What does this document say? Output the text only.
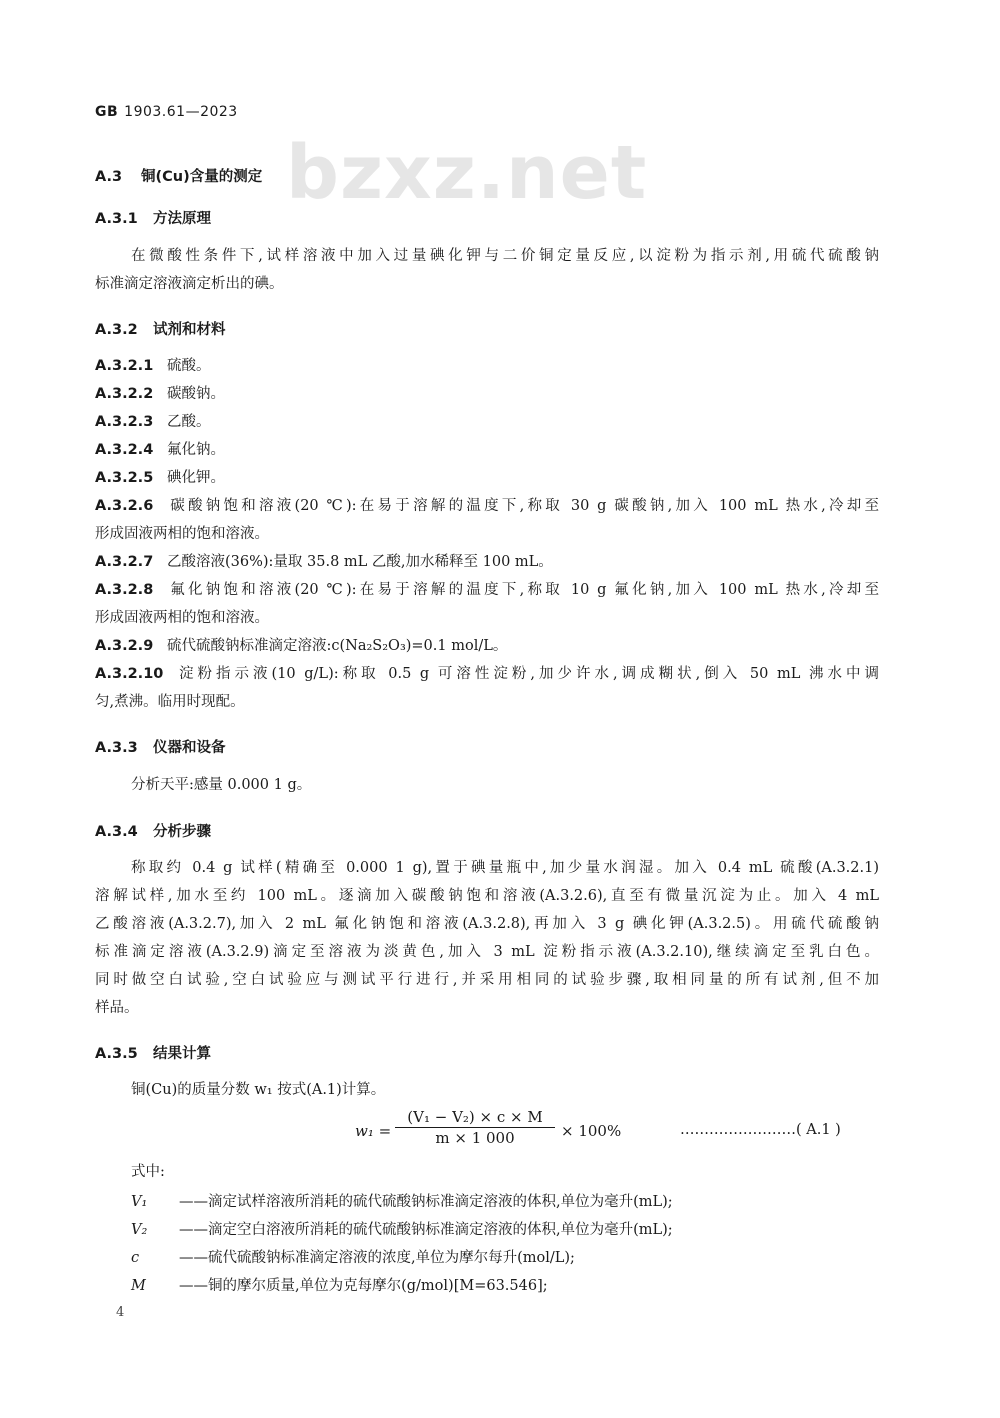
GB 1903.61—2023
bzxz.net
A.3 铜(Cu)含量的测定
A.3.1 方法原理
在微酸性条件下,试样溶液中加入过量碘化钾与二价铜定量反应,以淀粉为指示剂,用硫代硫酸钠
标准滴定溶液滴定析出的碘。
A.3.2 试剂和材料
A.3.2.1 硫酸。
A.3.2.2 碳酸钠。
A.3.2.3 乙酸。
A.3.2.4 氟化钠。
A.3.2.5 碘化钾。
A.3.2.6 碳酸钠饱和溶液(20 ℃):在易于溶解的温度下,称取 30 g 碳酸钠,加入 100 mL 热水,冷却至
形成固液两相的饱和溶液。
A.3.2.7 乙酸溶液(36%):量取 35.8 mL 乙酸,加水稀释至 100 mL。
A.3.2.8 氟化钠饱和溶液(20 ℃):在易于溶解的温度下,称取 10 g 氟化钠,加入 100 mL 热水,冷却至
形成固液两相的饱和溶液。
A.3.2.9 硫代硫酸钠标准滴定溶液:c(Na₂S₂O₃)=0.1 mol/L。
A.3.2.10 淀粉指示液(10 g/L):称取 0.5 g 可溶性淀粉,加少许水,调成糊状,倒入 50 mL 沸水中调
匀,煮沸。临用时现配。
A.3.3 仪器和设备
分析天平:感量 0.000 1 g。
A.3.4 分析步骤
称取约 0.4 g 试样(精确至 0.000 1 g),置于碘量瓶中,加少量水润湿。加入 0.4 mL 硫酸(A.3.2.1)
溶解试样,加水至约 100 mL。逐滴加入碳酸钠饱和溶液(A.3.2.6),直至有微量沉淀为止。加入 4 mL
乙酸溶液(A.3.2.7),加入 2 mL 氟化钠饱和溶液(A.3.2.8),再加入 3 g 碘化钾(A.3.2.5)。用硫代硫酸钠
标准滴定溶液(A.3.2.9)滴定至溶液为淡黄色,加入 3 mL 淀粉指示液(A.3.2.10),继续滴定至乳白色。
同时做空白试验,空白试验应与测试平行进行,并采用相同的试验步骤,取相同量的所有试剂,但不加
样品。
A.3.5 结果计算
铜(Cu)的质量分数 w₁ 按式(A.1)计算。
$w_1 = \frac{\text{(V₁ − V₂) × c × M}}{m \times 1 000} \times 100\%$	……………………( A.1 )
式中:
V₁ ——滴定试样溶液所消耗的硫代硫酸钠标准滴定溶液的体积,单位为毫升(mL);
V₂ ——滴定空白溶液所消耗的硫代硫酸钠标准滴定溶液的体积,单位为毫升(mL);
c	——硫代硫酸钠标准滴定溶液的浓度,单位为摩尔每升(mol/L);
M ——铜的摩尔质量,单位为克每摩尔(g/mol)[M=63.546];
4
